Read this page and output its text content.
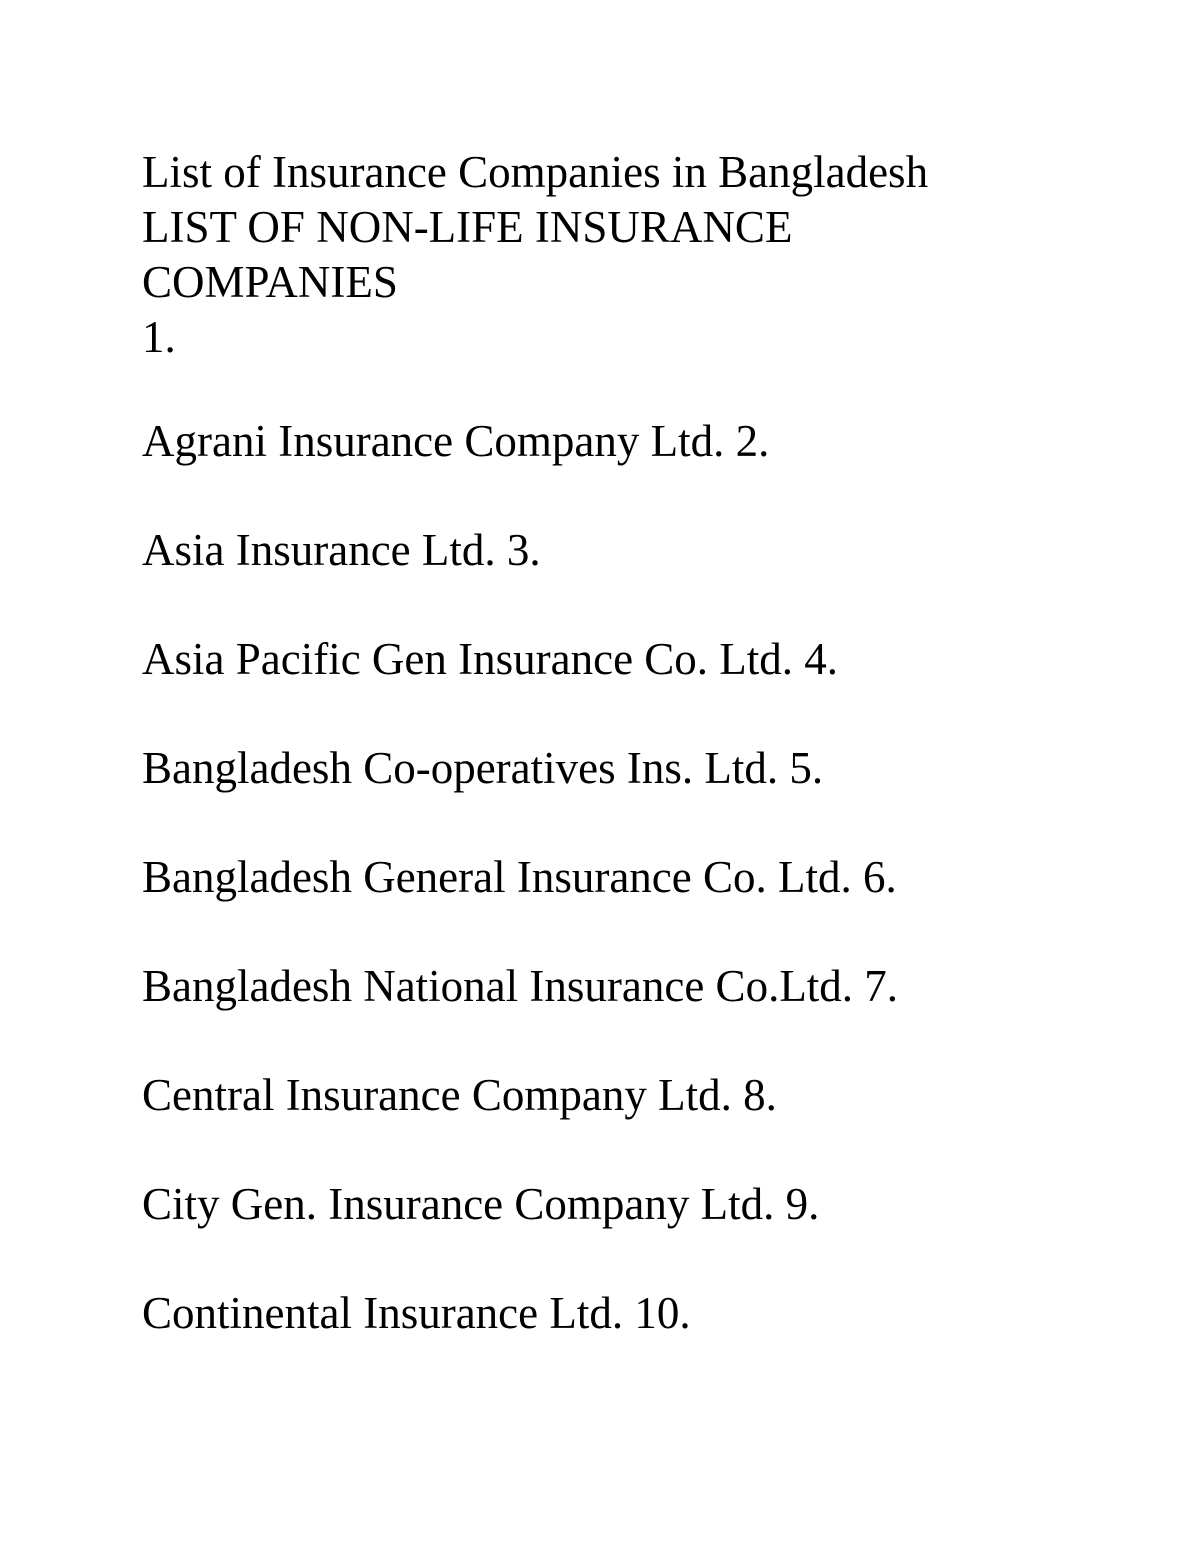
List of Insurance Companies in Bangladesh
LIST OF NON-LIFE INSURANCE
COMPANIES
1.
Agrani Insurance Company Ltd. 2.
Asia Insurance Ltd. 3.
Asia Pacific Gen Insurance Co. Ltd. 4.
Bangladesh Co-operatives Ins. Ltd. 5.
Bangladesh General Insurance Co. Ltd. 6.
Bangladesh National Insurance Co.Ltd. 7.
Central Insurance Company Ltd. 8.
City Gen. Insurance Company Ltd. 9.
Continental Insurance Ltd. 10.
